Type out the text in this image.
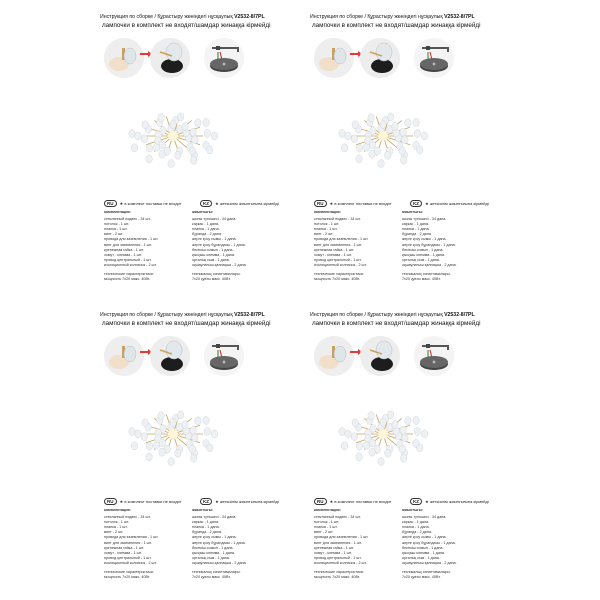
Инструкция по сборке / Құрастыру жөніндегі нұсқаулық V2532-8/7PL
лампочки в комплект не входят/шамдар жинаққа кірмейді
RU ★ в комплект поставки не входит	KZ ★ жеткізілім жиынтығына кірмейді
комплектация:
стеклянный подвес - 34 шт.
потолок - 1 шт.
планка - 1 шт.
винт - 2 шт.
провода для заземления - 1 шт.
винт для заземления - 1 шт.
крепежная гайка - 1 шт.
хомут - клемма - 1 шт.
провод центральный - 1 шт.
изоляционный колпачок - 2 шт.
технические характеристики:
мощность 7х20 макс. 40Вт.
жиынтығы:
шыны түтікшесі - 34 дана.
каркас - 1 дана.
планка - 1 дана.
бұрандa - 2 дана.
жерге қосу сымы - 1 дана.
жерге қосу бұрандасы - 1 дана.
бекіткіш сомын - 1 дана.
қысқыш клемма - 1 дана.
орталық сым - 1 дана.
оқшаулағыш қалпақша - 2 дана.
техникалық сипаттамалары:
7х20 қуаты макс. 40Вт.
Инструкция по сборке / Құрастыру жөніндегі нұсқаулық V2532-8/7PL
лампочки в комплект не входят/шамдар жинаққа кірмейді
RU ★ в комплект поставки не входит	KZ ★ жеткізілім жиынтығына кірмейді
комплектация:
стеклянный подвес - 34 шт.
потолок - 1 шт.
планка - 1 шт.
винт - 2 шт.
провода для заземления - 1 шт.
винт для заземления - 1 шт.
крепежная гайка - 1 шт.
хомут - клемма - 1 шт.
провод центральный - 1 шт.
изоляционный колпачок - 2 шт.
технические характеристики:
мощность 7х20 макс. 40Вт.
жиынтығы:
шыны түтікшесі - 34 дана.
каркас - 1 дана.
планка - 1 дана.
бұрандa - 2 дана.
жерге қосу сымы - 1 дана.
жерге қосу бұрандасы - 1 дана.
бекіткіш сомын - 1 дана.
қысқыш клемма - 1 дана.
орталық сым - 1 дана.
оқшаулағыш қалпақша - 2 дана.
техникалық сипаттамалары:
7х20 қуаты макс. 40Вт.
Инструкция по сборке / Құрастыру жөніндегі нұсқаулық V2532-8/7PL
лампочки в комплект не входят/шамдар жинаққа кірмейді
RU ★ в комплект поставки не входит	KZ ★ жеткізілім жиынтығына кірмейді
комплектация:
стеклянный подвес - 34 шт.
потолок - 1 шт.
планка - 1 шт.
винт - 2 шт.
провода для заземления - 1 шт.
винт для заземления - 1 шт.
крепежная гайка - 1 шт.
хомут - клемма - 1 шт.
провод центральный - 1 шт.
изоляционный колпачок - 2 шт.
технические характеристики:
мощность 7х20 макс. 40Вт.
жиынтығы:
шыны түтікшесі - 34 дана.
каркас - 1 дана.
планка - 1 дана.
бұрандa - 2 дана.
жерге қосу сымы - 1 дана.
жерге қосу бұрандасы - 1 дана.
бекіткіш сомын - 1 дана.
қысқыш клемма - 1 дана.
орталық сым - 1 дана.
оқшаулағыш қалпақша - 2 дана.
техникалық сипаттамалары:
7х20 қуаты макс. 40Вт.
Инструкция по сборке / Құрастыру жөніндегі нұсқаулық V2532-8/7PL
лампочки в комплект не входят/шамдар жинаққа кірмейді
RU ★ в комплект поставки не входит	KZ ★ жеткізілім жиынтығына кірмейді
комплектация:
стеклянный подвес - 34 шт.
потолок - 1 шт.
планка - 1 шт.
винт - 2 шт.
провода для заземления - 1 шт.
винт для заземления - 1 шт.
крепежная гайка - 1 шт.
хомут - клемма - 1 шт.
провод центральный - 1 шт.
изоляционный колпачок - 2 шт.
технические характеристики:
мощность 7х20 макс. 40Вт.
жиынтығы:
шыны түтікшесі - 34 дана.
каркас - 1 дана.
планка - 1 дана.
бұрандa - 2 дана.
жерге қосу сымы - 1 дана.
жерге қосу бұрандасы - 1 дана.
бекіткіш сомын - 1 дана.
қысқыш клемма - 1 дана.
орталық сым - 1 дана.
оқшаулағыш қалпақша - 2 дана.
техникалық сипаттамалары:
7х20 қуаты макс. 40Вт.
